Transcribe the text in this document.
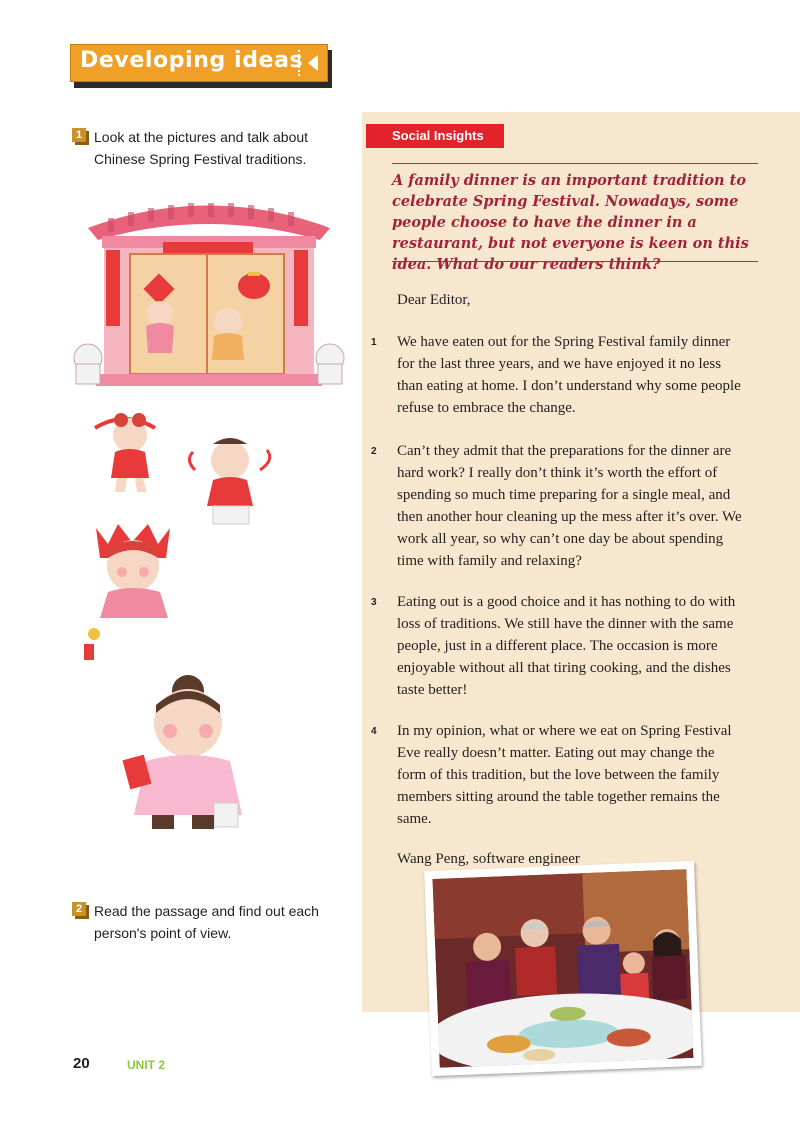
Developing ideas
1 Look at the pictures and talk about Chinese Spring Festival traditions.
2 Read the passage and find out each person's point of view.
Social Insights
A family dinner is an important tradition to celebrate Spring Festival. Nowadays, some people choose to have the dinner in a restaurant, but not everyone is keen on this idea. What do our readers think?
Dear Editor,
1 We have eaten out for the Spring Festival family dinner for the last three years, and we have enjoyed it no less than eating at home. I don’t understand why some people refuse to embrace the change.
2 Can’t they admit that the preparations for the dinner are hard work? I really don’t think it’s worth the effort of spending so much time preparing for a single meal, and then another hour cleaning up the mess after it’s over. We work all year, so why can’t one day be about spending time with family and relaxing?
3 Eating out is a good choice and it has nothing to do with loss of traditions. We still have the dinner with the same people, just in a different place. The occasion is more enjoyable without all that tiring cooking, and the dishes taste better!
4 In my opinion, what or where we eat on Spring Festival Eve really doesn’t matter. Eating out may change the form of this tradition, but the love between the family members sitting around the table together remains the same.
Wang Peng, software engineer
20	UNIT 2
